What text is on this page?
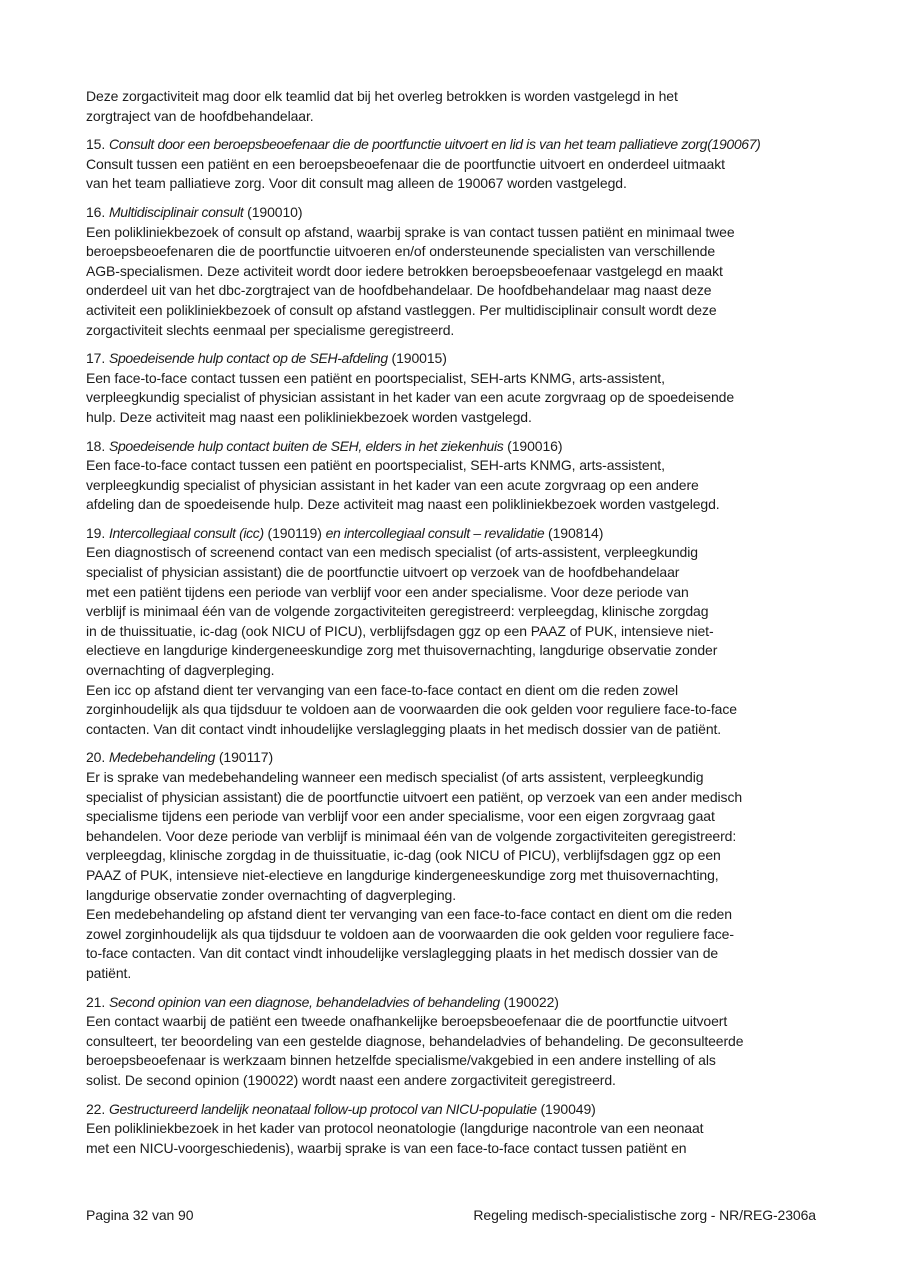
Deze zorgactiviteit mag door elk teamlid dat bij het overleg betrokken is worden vastgelegd in het
zorgtraject van de hoofdbehandelaar.
15. Consult door een beroepsbeoefenaar die de poortfunctie uitvoert en lid is van het team palliatieve zorg(190067)
Consult tussen een patiënt en een beroepsbeoefenaar die de poortfunctie uitvoert en onderdeel uitmaakt
van het team palliatieve zorg. Voor dit consult mag alleen de 190067 worden vastgelegd.
16. Multidisciplinair consult (190010)
Een polikliniekbezoek of consult op afstand, waarbij sprake is van contact tussen patiënt en minimaal twee
beroepsbeoefenaren die de poortfunctie uitvoeren en/of ondersteunende specialisten van verschillende
AGB-specialismen. Deze activiteit wordt door iedere betrokken beroepsbeoefenaar vastgelegd en maakt
onderdeel uit van het dbc-zorgtraject van de hoofdbehandelaar. De hoofdbehandelaar mag naast deze
activiteit een polikliniekbezoek of consult op afstand vastleggen. Per multidisciplinair consult wordt deze
zorgactiviteit slechts eenmaal per specialisme geregistreerd.
17. Spoedeisende hulp contact op de SEH-afdeling (190015)
Een face-to-face contact tussen een patiënt en poortspecialist, SEH-arts KNMG, arts-assistent,
verpleegkundig specialist of physician assistant in het kader van een acute zorgvraag op de spoedeisende
hulp. Deze activiteit mag naast een polikliniekbezoek worden vastgelegd.
18. Spoedeisende hulp contact buiten de SEH, elders in het ziekenhuis (190016)
Een face-to-face contact tussen een patiënt en poortspecialist, SEH-arts KNMG, arts-assistent,
verpleegkundig specialist of physician assistant in het kader van een acute zorgvraag op een andere
afdeling dan de spoedeisende hulp. Deze activiteit mag naast een polikliniekbezoek worden vastgelegd.
19. Intercollegiaal consult (icc) (190119) en intercollegiaal consult – revalidatie (190814)
Een diagnostisch of screenend contact van een medisch specialist (of arts-assistent, verpleegkundig
specialist of physician assistant) die de poortfunctie uitvoert op verzoek van de hoofdbehandelaar
met een patiënt tijdens een periode van verblijf voor een ander specialisme. Voor deze periode van
verblijf is minimaal één van de volgende zorgactiviteiten geregistreerd: verpleegdag, klinische zorgdag
in de thuissituatie, ic-dag (ook NICU of PICU), verblijfsdagen ggz op een PAAZ of PUK, intensieve niet-
electieve en langdurige kindergeneeskundige zorg met thuisovernachting, langdurige observatie zonder
overnachting of dagverpleging.
Een icc op afstand dient ter vervanging van een face-to-face contact en dient om die reden zowel
zorginhoudelijk als qua tijdsduur te voldoen aan de voorwaarden die ook gelden voor reguliere face-to-face
contacten. Van dit contact vindt inhoudelijke verslaglegging plaats in het medisch dossier van de patiënt.
20. Medebehandeling (190117)
Er is sprake van medebehandeling wanneer een medisch specialist (of arts assistent, verpleegkundig
specialist of physician assistant) die de poortfunctie uitvoert een patiënt, op verzoek van een ander medisch
specialisme tijdens een periode van verblijf voor een ander specialisme, voor een eigen zorgvraag gaat
behandelen. Voor deze periode van verblijf is minimaal één van de volgende zorgactiviteiten geregistreerd:
verpleegdag, klinische zorgdag in de thuissituatie, ic-dag (ook NICU of PICU), verblijfsdagen ggz op een
PAAZ of PUK, intensieve niet-electieve en langdurige kindergeneeskundige zorg met thuisovernachting,
langdurige observatie zonder overnachting of dagverpleging.
Een medebehandeling op afstand dient ter vervanging van een face-to-face contact en dient om die reden
zowel zorginhoudelijk als qua tijdsduur te voldoen aan de voorwaarden die ook gelden voor reguliere face-
to-face contacten. Van dit contact vindt inhoudelijke verslaglegging plaats in het medisch dossier van de
patiënt.
21. Second opinion van een diagnose, behandeladvies of behandeling (190022)
Een contact waarbij de patiënt een tweede onafhankelijke beroepsbeoefenaar die de poortfunctie uitvoert
consulteert, ter beoordeling van een gestelde diagnose, behandeladvies of behandeling. De geconsulteerde
beroepsbeoefenaar is werkzaam binnen hetzelfde specialisme/vakgebied in een andere instelling of als
solist. De second opinion (190022) wordt naast een andere zorgactiviteit geregistreerd.
22. Gestructureerd landelijk neonataal follow-up protocol van NICU-populatie (190049)
Een polikliniekbezoek in het kader van protocol neonatologie (langdurige nacontrole van een neonaat
met een NICU-voorgeschiedenis), waarbij sprake is van een face-to-face contact tussen patiënt en
Pagina 32 van 90	Regeling medisch-specialistische zorg - NR/REG-2306a
